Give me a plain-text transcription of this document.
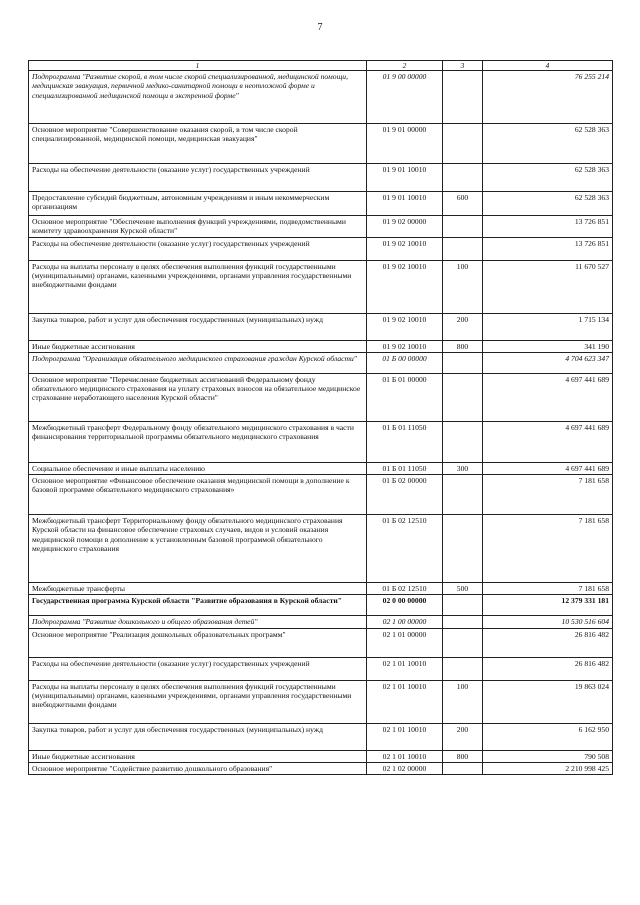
7
1	2	3	4
Подпрограмма "Развитие скорой, в том числе скорой специализированной, медицинской помощи, медицинская эвакуация, первичной медико-санитарной помощи в неотложной форме и специализированной медицинской помощи в экстренной форме"	01 9 00 00000		76 255 214
Основное мероприятие "Совершенствование оказания скорой, в том числе скорой специализированной, медицинской помощи, медицинская эвакуация"	01 9 01 00000		62 528 363
Расходы на обеспечение деятельности (оказание услуг) государственных учреждений	01 9 01 10010		62 528 363
Предоставление субсидий бюджетным, автономным учреждениям и иным некоммерческим организациям	01 9 01 10010	600	62 528 363
Основное мероприятие "Обеспечение выполнения функций учреждениями, подведомственными комитету здравоохранения Курской области"	01 9 02 00000		13 726 851
Расходы на обеспечение деятельности (оказание услуг) государственных учреждений	01 9 02 10010		13 726 851
Расходы на выплаты персоналу в целях обеспечения выполнения функций государственными (муниципальными) органами, казенными учреждениями, органами управления государственными внебюджетными фондами	01 9 02 10010	100	11 670 527
Закупка товаров, работ и услуг для обеспечения государственных (муниципальных) нужд	01 9 02 10010	200	1 715 134
Иные бюджетные ассигнования	01 9 02 10010	800	341 190
Подпрограмма "Организация обязательного медицинского страхования граждан Курской области"	01 Б 00 00000		4 704 623 347
Основное мероприятие "Перечисление бюджетных ассигнований Федеральному фонду обязательного медицинского страхования на уплату страховых взносов на обязательное медицинское страхование неработающего населения Курской области"	01 Б 01 00000		4 697 441 689
Межбюджетный трансферт Федеральному фонду обязательного медицинского страхования в части финансирования территориальной программы обязательного медицинского страхования	01 Б 01 11050		4 697 441 689
Социальное обеспечение и иные выплаты населению	01 Б 01 11050	300	4 697 441 689
Основное мероприятие «Финансовое обеспечение оказания медицинской помощи в дополнение к базовой программе обязательного медицинского страхования»	01 Б 02 00000		7 181 658
Межбюджетный трансферт Территориальному фонду обязательного медицинского страхования Курской области на финансовое обеспечение страховых случаев, видов и условий оказания медицинской помощи в дополнение к установленным базовой программой обязательного медицинского страхования	01 Б 02 12510		7 181 658
Межбюджетные трансферты	01 Б 02 12510	500	7 181 658
Государственная программа Курской области "Развитие образования в Курской области"	02 0 00 00000		12 379 331 181
Подпрограмма "Развитие дошкольного и общего образования детей"	02 1 00 00000		10 530 516 604
Основное мероприятие "Реализация дошкольных образовательных программ"	02 1 01 00000		26 816 482
Расходы на обеспечение деятельности (оказание услуг) государственных учреждений	02 1 01 10010		26 816 482
Расходы на выплаты персоналу в целях обеспечения выполнения функций государственными (муниципальными) органами, казенными учреждениями, органами управления государственными внебюджетными фондами	02 1 01 10010	100	19 863 024
Закупка товаров, работ и услуг для обеспечения государственных (муниципальных) нужд	02 1 01 10010	200	6 162 950
Иные бюджетные ассигнования	02 1 01 10010	800	790 508
Основное мероприятие "Содействие развитию дошкольного образования"	02 1 02 00000		2 210 998 425
